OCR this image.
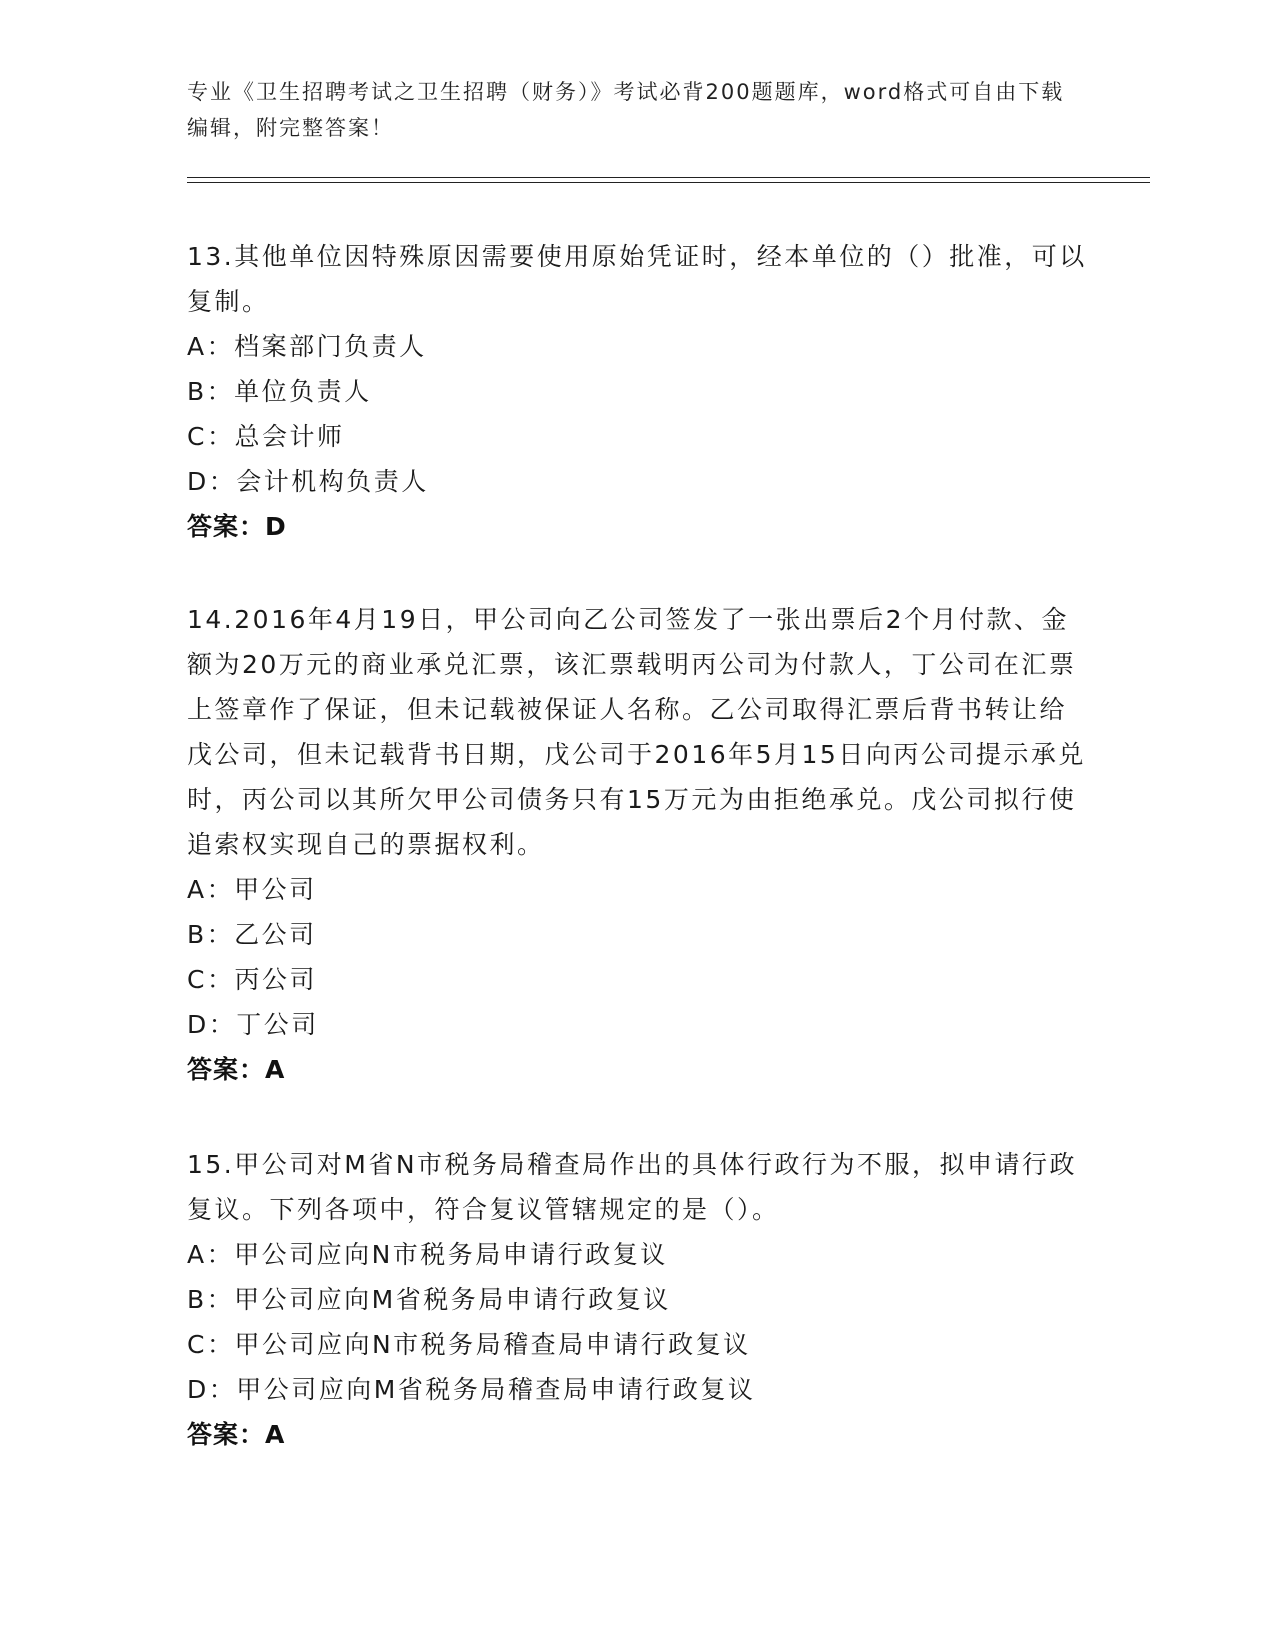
专业《卫生招聘考试之卫生招聘（财务）》考试必背200题题库，word格式可自由下载编辑，附完整答案！
13.其他单位因特殊原因需要使用原始凭证时，经本单位的（）批准，可以复制。
A：档案部门负责人
B：单位负责人
C：总会计师
D：会计机构负责人
答案：D
14.2016年4月19日，甲公司向乙公司签发了一张出票后2个月付款、金额为20万元的商业承兑汇票，该汇票载明丙公司为付款人，丁公司在汇票上签章作了保证，但未记载被保证人名称。乙公司取得汇票后背书转让给戊公司，但未记载背书日期，戊公司于2016年5月15日向丙公司提示承兑时，丙公司以其所欠甲公司债务只有15万元为由拒绝承兑。戊公司拟行使追索权实现自己的票据权利。
A：甲公司
B：乙公司
C：丙公司
D：丁公司
答案：A
15.甲公司对M省N市税务局稽查局作出的具体行政行为不服，拟申请行政复议。下列各项中，符合复议管辖规定的是（）。
A：甲公司应向N市税务局申请行政复议
B：甲公司应向M省税务局申请行政复议
C：甲公司应向N市税务局稽查局申请行政复议
D：甲公司应向M省税务局稽查局申请行政复议
答案：A
